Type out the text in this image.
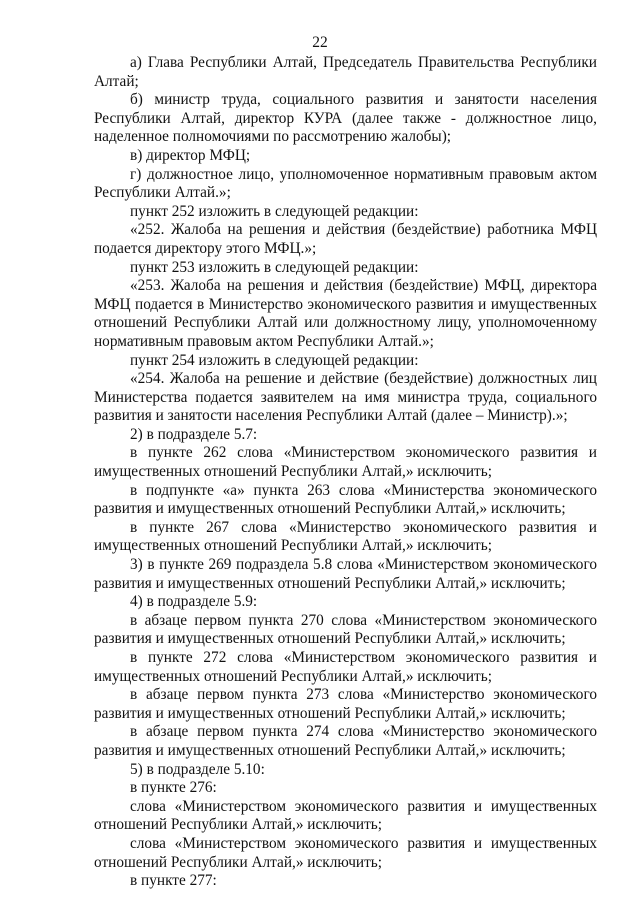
22

а) Глава Республики Алтай, Председатель Правительства Республики Алтай;

б) министр труда, социального развития и занятости населения Республики Алтай, директор КУРА (далее также - должностное лицо, наделенное полномочиями по рассмотрению жалобы);

в) директор МФЦ;

г) должностное лицо, уполномоченное нормативным правовым актом Республики Алтай.»;

пункт 252 изложить в следующей редакции:

«252. Жалоба на решения и действия (бездействие) работника МФЦ подается директору этого МФЦ.»;

пункт 253 изложить в следующей редакции:

«253. Жалоба на решения и действия (бездействие) МФЦ, директора МФЦ подается в Министерство экономического развития и имущественных отношений Республики Алтай или должностному лицу, уполномоченному нормативным правовым актом Республики Алтай.»;

пункт 254 изложить в следующей редакции:

«254. Жалоба на решение и действие (бездействие) должностных лиц Министерства подается заявителем на имя министра труда, социального развития и занятости населения Республики Алтай (далее – Министр).»;

2) в подразделе 5.7:

в пункте 262 слова «Министерством экономического развития и имущественных отношений Республики Алтай,» исключить;

в подпункте «а» пункта 263 слова «Министерства экономического развития и имущественных отношений Республики Алтай,» исключить;

в пункте 267 слова «Министерство экономического развития и имущественных отношений Республики Алтай,» исключить;

3) в пункте 269 подраздела 5.8 слова «Министерством экономического развития и имущественных отношений Республики Алтай,» исключить;

4) в подразделе 5.9:

в абзаце первом пункта 270 слова «Министерством экономического развития и имущественных отношений Республики Алтай,» исключить;

в пункте 272 слова «Министерством экономического развития и имущественных отношений Республики Алтай,» исключить;

в абзаце первом пункта 273 слова «Министерство экономического развития и имущественных отношений Республики Алтай,» исключить;

в абзаце первом пункта 274 слова «Министерство экономического развития и имущественных отношений Республики Алтай,» исключить;

5) в подразделе 5.10:

в пункте 276:

слова «Министерством экономического развития и имущественных отношений Республики Алтай,» исключить;

слова «Министерством экономического развития и имущественных отношений Республики Алтай,» исключить;

в пункте 277:
